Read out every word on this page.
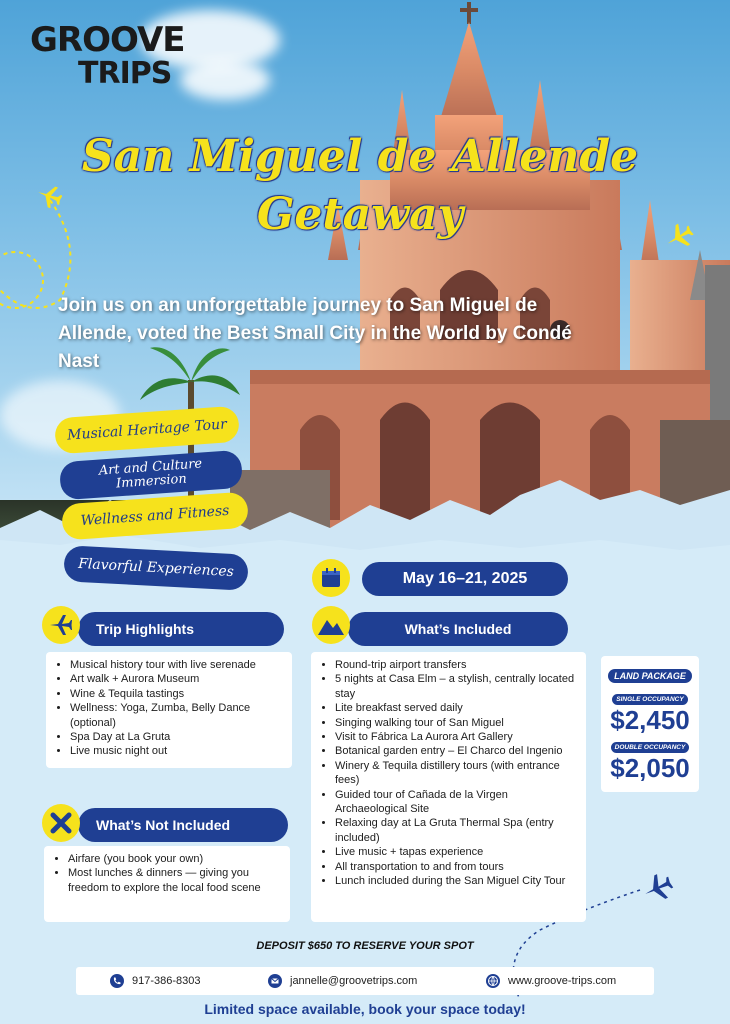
GROOVE
TRIPS
San Miguel de Allende
Getaway
Join us on an unforgettable journey to San Miguel de Allende, voted the Best Small City in the World by Condé Nast
Musical Heritage Tour
Art and Culture Immersion
Wellness and Fitness
Flavorful Experiences	May 16–21, 2025
Trip Highlights	What’s Included
• Musical history tour with live serenade
• Art walk + Aurora Museum
• Wine & Tequila tastings
• Wellness: Yoga, Zumba, Belly Dance (optional)
• Spa Day at La Gruta
• Live music night out
• Round-trip airport transfers
• 5 nights at Casa Elm – a stylish, centrally located stay
• Lite breakfast served daily
• Singing walking tour of San Miguel
• Visit to Fábrica La Aurora Art Gallery
• Botanical garden entry – El Charco del Ingenio
• Winery & Tequila distillery tours (with entrance fees)
• Guided tour of Cañada de la Virgen Archaeological Site
• Relaxing day at La Gruta Thermal Spa (entry included)
• Live music + tapas experience
• All transportation to and from tours
• Lunch included during the San Miguel City Tour
What’s Not Included
• Airfare (you book your own)
• Most lunches & dinners — giving you freedom to explore the local food scene
LAND PACKAGE
SINGLE OCCUPANCY
$2,450
DOUBLE OCCUPANCY
$2,050
DEPOSIT $650 TO RESERVE YOUR SPOT
917-386-8303	jannelle@groovetrips.com	www.groove-trips.com
Limited space available, book your space today!
